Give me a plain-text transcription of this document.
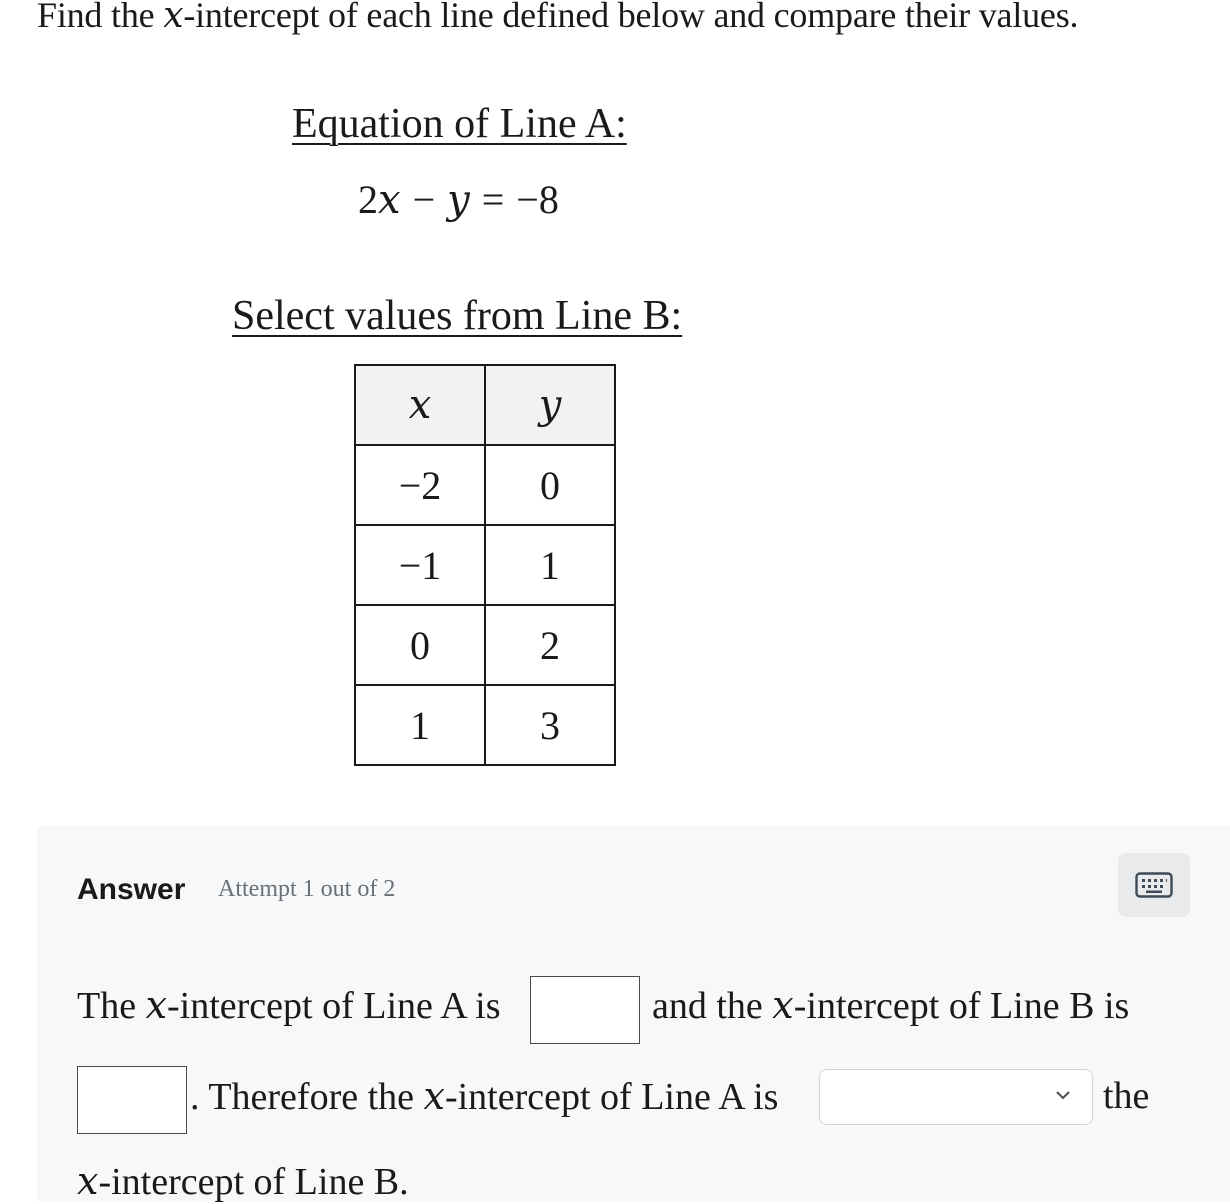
Find the x-intercept of each line defined below and compare their values.
Equation of Line A:
2x − y = −8
Select values from Line B:
x	y
−2	0
−1	1
0	2
1	3
Answer Attempt 1 out of 2
The x-intercept of Line A is	and the x-intercept of Line B is
. Therefore the x-intercept of Line A is	the
x-intercept of Line B.
